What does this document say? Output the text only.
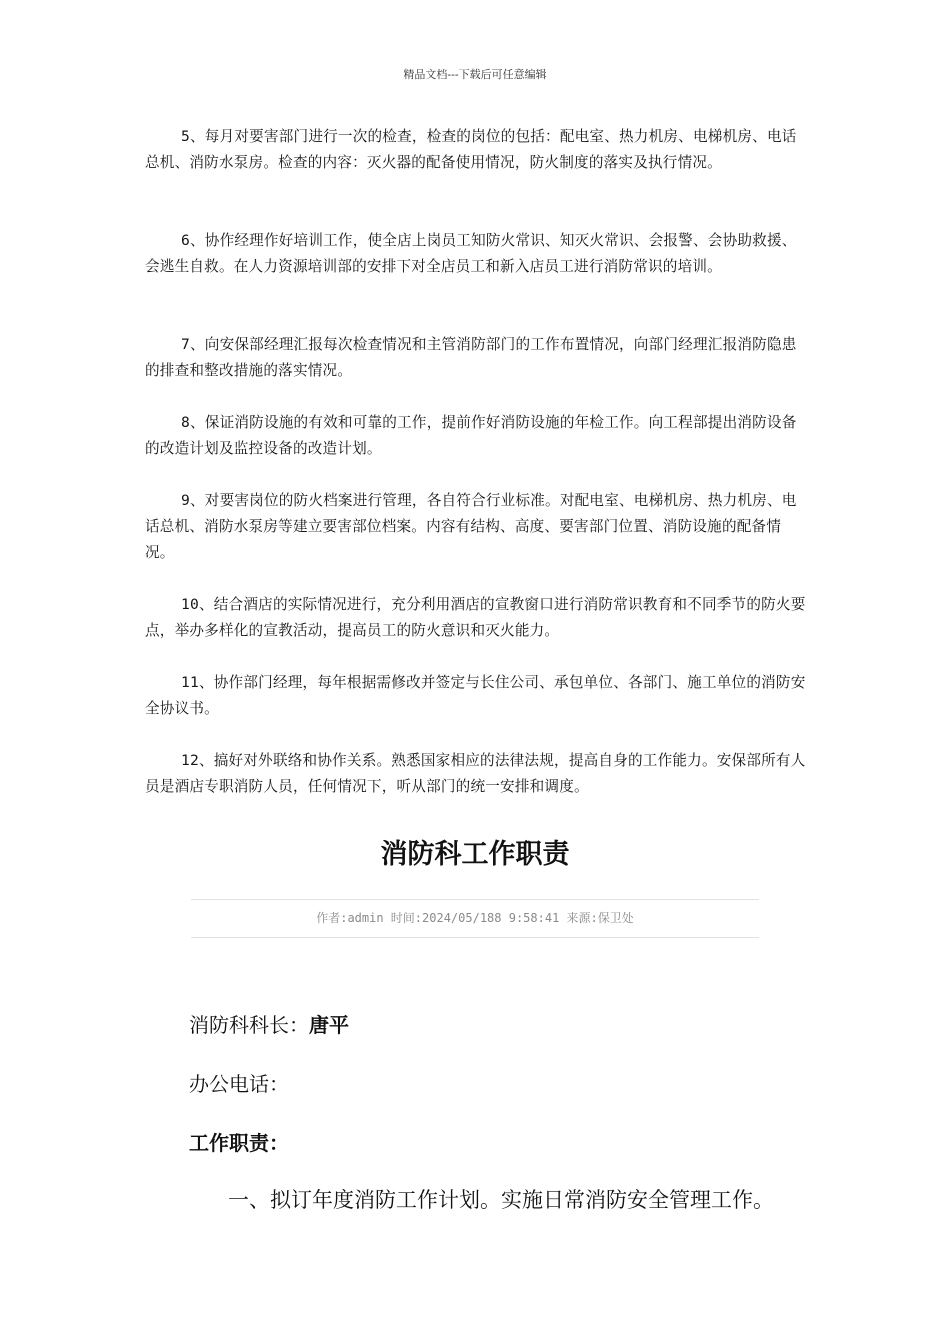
精品文档---下载后可任意编辑

5、每月对要害部门进行一次的检查，检查的岗位的包括：配电室、热力机房、电梯机房、电话总机、消防水泵房。检查的内容：灭火器的配备使用情况，防火制度的落实及执行情况。

6、协作经理作好培训工作，使全店上岗员工知防火常识、知灭火常识、会报警、会协助救援、会逃生自救。在人力资源培训部的安排下对全店员工和新入店员工进行消防常识的培训。

7、向安保部经理汇报每次检查情况和主管消防部门的工作布置情况，向部门经理汇报消防隐患的排查和整改措施的落实情况。

8、保证消防设施的有效和可靠的工作，提前作好消防设施的年检工作。向工程部提出消防设备的改造计划及监控设备的改造计划。

9、对要害岗位的防火档案进行管理，各自符合行业标准。对配电室、电梯机房、热力机房、电话总机、消防水泵房等建立要害部位档案。内容有结构、高度、要害部门位置、消防设施的配备情况。

10、结合酒店的实际情况进行，充分利用酒店的宣教窗口进行消防常识教育和不同季节的防火要点，举办多样化的宣教活动，提高员工的防火意识和灭火能力。

11、协作部门经理，每年根据需修改并签定与长住公司、承包单位、各部门、施工单位的消防安全协议书。

12、搞好对外联络和协作关系。熟悉国家相应的法律法规，提高自身的工作能力。安保部所有人员是酒店专职消防人员，任何情况下，听从部门的统一安排和调度。

消防科工作职责
作者:admin 时间:2024/05/188 9:58:41 来源:保卫处
消防科科长：唐平
办公电话：
工作职责：
一、拟订年度消防工作计划。实施日常消防安全管理工作。
